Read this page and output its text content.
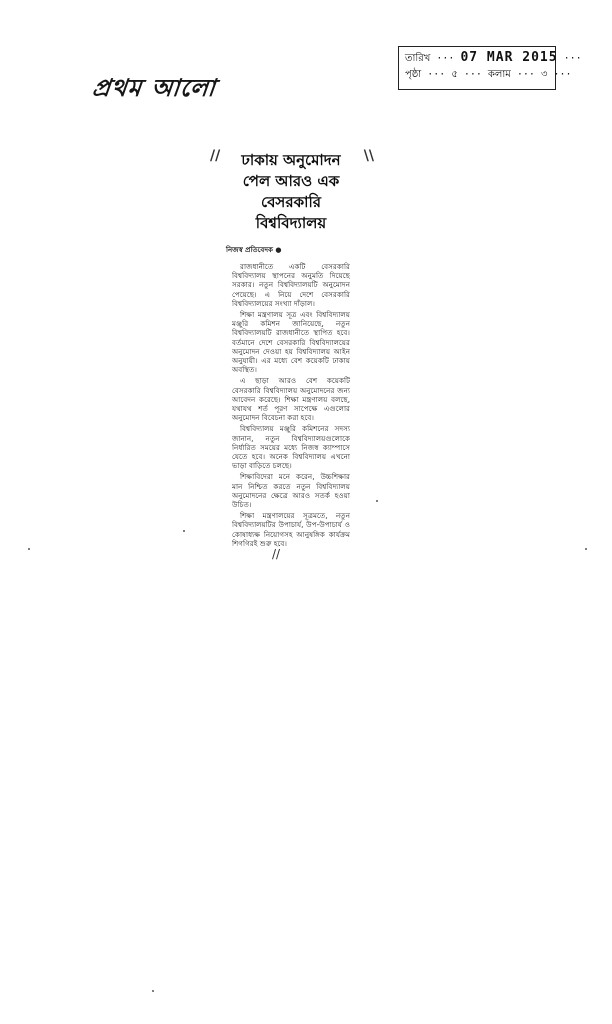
প্রথম আলো
তারিখ ··· 07 MAR 2015 ···
পৃষ্ঠা ··· ৫ ··· কলাম ··· ৩ ···
//	\\
ঢাকায় অনুমোদন
পেল আরও এক
বেসরকারি
বিশ্ববিদ্যালয়
নিজস্ব প্রতিবেদক ●

রাজধানীতে একটি বেসরকারি বিশ্ববিদ্যালয় স্থাপনের অনুমতি দিয়েছে সরকার। নতুন বিশ্ববিদ্যালয়টি অনুমোদন পেয়েছে। এ নিয়ে দেশে বেসরকারি বিশ্ববিদ্যালয়ের সংখ্যা দাঁড়াল।

শিক্ষা মন্ত্রণালয় সূত্র এবং বিশ্ববিদ্যালয় মঞ্জুরি কমিশন জানিয়েছে, নতুন বিশ্ববিদ্যালয়টি রাজধানীতে স্থাপিত হবে। বর্তমানে দেশে বেসরকারি বিশ্ববিদ্যালয়ের অনুমোদন দেওয়া হয় বিশ্ববিদ্যালয় আইন অনুযায়ী। এর মধ্যে বেশ কয়েকটি ঢাকায় অবস্থিত।

এ ছাড়া আরও বেশ কয়েকটি বেসরকারি বিশ্ববিদ্যালয় অনুমোদনের জন্য আবেদন করেছে। শিক্ষা মন্ত্রণালয় বলছে, যথাযথ শর্ত পূরণ সাপেক্ষে এগুলোর অনুমোদন বিবেচনা করা হবে।

বিশ্ববিদ্যালয় মঞ্জুরি কমিশনের সদস্য জানান, নতুন বিশ্ববিদ্যালয়গুলোকে নির্ধারিত সময়ের মধ্যে নিজস্ব ক্যাম্পাসে যেতে হবে। অনেক বিশ্ববিদ্যালয় এখনো ভাড়া বাড়িতে চলছে।

শিক্ষাবিদেরা মনে করেন, উচ্চশিক্ষার মান নিশ্চিত করতে নতুন বিশ্ববিদ্যালয় অনুমোদনের ক্ষেত্রে আরও সতর্ক হওয়া উচিত।

শিক্ষা মন্ত্রণালয়ের সূত্রমতে, নতুন বিশ্ববিদ্যালয়টির উপাচার্য, উপ-উপাচার্য ও কোষাধ্যক্ষ নিয়োগসহ আনুষঙ্গিক কার্যক্রম শিগগিরই শুরু হবে।

//
